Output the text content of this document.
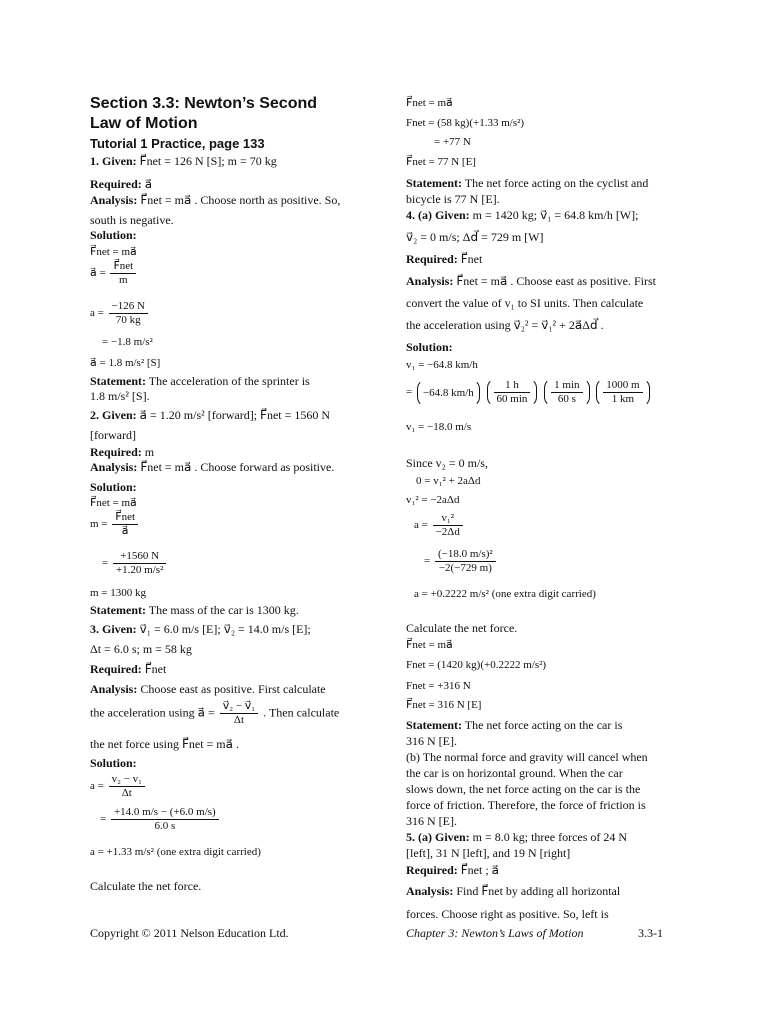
Section 3.3: Newton’s Second
Law of Motion
Tutorial 1 Practice, page 133
1. Given: F⃗net = 126 N [S]; m = 70 kg
Required: a⃗
Analysis: F⃗net = ma⃗ . Choose north as positive. So,
south is negative.
Solution:
F⃗net = ma⃗
a⃗ = $\frac{\text{F⃗net}}{m}$
$a = \frac{-126 N}{70 kg}$
= −1.8 m/s²
a⃗ = 1.8 m/s² [S]
Statement: The acceleration of the sprinter is
1.8 m/s² [S].
2. Given: a⃗ = 1.20 m/s² [forward]; F⃗net = 1560 N
[forward]
Required: m
Analysis: F⃗net = ma⃗ . Choose forward as positive.
Solution:
F⃗net = ma⃗
$m = \frac{\text{F⃗net}}{a⃗}$
= $\frac{+1560 N}{\text{+1.20 m/s²}}$
m = 1300 kg
Statement: The mass of the car is 1300 kg.
3. Given: v⃗₁ = 6.0 m/s [E]; v⃗₂ = 14.0 m/s [E];
Δt = 6.0 s; m = 58 kg
Required: F⃗net
Analysis: Choose east as positive. First calculate
the acceleration using a⃗ = $\frac{\text{v⃗₂ − v⃗₁}}{\Delta t}$ . Then calculate
the net force using F⃗net = ma⃗ .
Solution:
$a = \frac{\text{v₂ − v₁}}{\Delta t}$
= $\frac{+14.0 m/s - (+6.0 m/s)}{6.0 s}$
a = +1.33 m/s² (one extra digit carried)
Calculate the net force.
F⃗net = ma⃗
Fnet = (58 kg)(+1.33 m/s²)
= +77 N
F⃗net = 77 N [E]
Statement: The net force acting on the cyclist and
bicycle is 77 N [E].
4. (a) Given: m = 1420 kg; v⃗₁ = 64.8 km/h [W];
v⃗₂ = 0 m/s; Δd⃗ = 729 m [W]
Required: F⃗net
Analysis: F⃗net = ma⃗ . Choose east as positive. First
convert the value of v₁ to SI units. Then calculate
the acceleration using v⃗₂² = v⃗₁² + 2a⃗Δd⃗ .
Solution:
v₁ = −64.8 km/h
= −64.8 $km/h \frac{1 h}{60 \min}$
$\frac{1 \min}{60 s}$
$\frac{1000 m}{1 km}$
v₁ = −18.0 m/s
Since v₂ = 0 m/s,
0 = v₁² + 2aΔd
v₁² = −2aΔd
$a = \frac{\text{v₁²}}{-2\Delta d}$
= $\frac{\text{(−18.0 m/s)²}}{-2(-729 m)}$
a = +0.2222 m/s² (one extra digit carried)
Calculate the net force.
F⃗net = ma⃗
Fnet = (1420 kg)(+0.2222 m/s²)
Fnet = +316 N
F⃗net = 316 N [E]
Statement: The net force acting on the car is
316 N [E].
(b) The normal force and gravity will cancel when
the car is on horizontal ground. When the car
slows down, the net force acting on the car is the
force of friction. Therefore, the force of friction is
316 N [E].
5. (a) Given: m = 8.0 kg; three forces of 24 N
[left], 31 N [left], and 19 N [right]
Required: F⃗net ; a⃗
Analysis: Find F⃗net by adding all horizontal
forces. Choose right as positive. So, left is
Copyright © 2011 Nelson Education Ltd.	Chapter 3: Newton’s Laws of Motion	3.3-1
